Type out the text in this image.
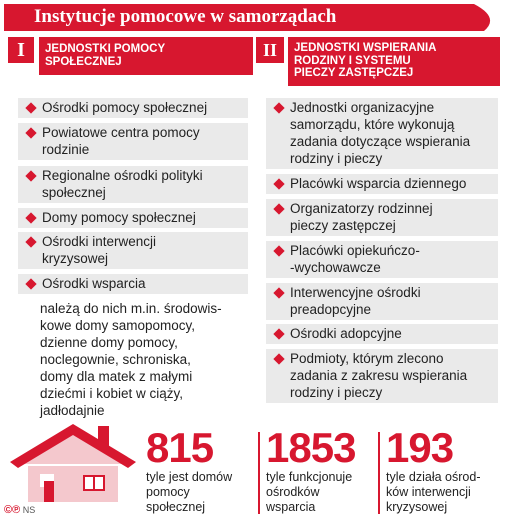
Instytucje pomocowe w samorządach
I	JEDNOSTKI POMOCY
SPOŁECZNEJ
II	JEDNOSTKI WSPIERANIA
RODZINY I SYSTEMU
PIECZY ZASTĘPCZEJ
Ośrodki pomocy społecznej
Powiatowe centra pomocy
rodzinie
Regionalne ośrodki polityki
społecznej
Domy pomocy społecznej
Ośrodki interwencji
kryzysowej
Ośrodki wsparcia
należą do nich m.in. środowis-
kowe domy samopomocy,
dzienne domy pomocy,
noclegownie, schroniska,
domy dla matek z małymi
dziećmi i kobiet w ciąży,
jadłodajnie
Jednostki organizacyjne
samorządu, które wykonują
zadania dotyczące wspierania
rodziny i pieczy
Placówki wsparcia dziennego
Organizatorzy rodzinnej
pieczy zastępczej
Placówki opiekuńczo-
-wychowawcze
Interwencyjne ośrodki
preadopcyjne
Ośrodki adopcyjne
Podmioty, którym zlecono
zadania z zakresu wspierania
rodziny i pieczy
815
tyle jest domów
pomocy
społecznej
1853
tyle funkcjonuje
ośrodków
wsparcia
193
tyle działa ośrod-
ków interwencji
kryzysowej
©℗ NS
